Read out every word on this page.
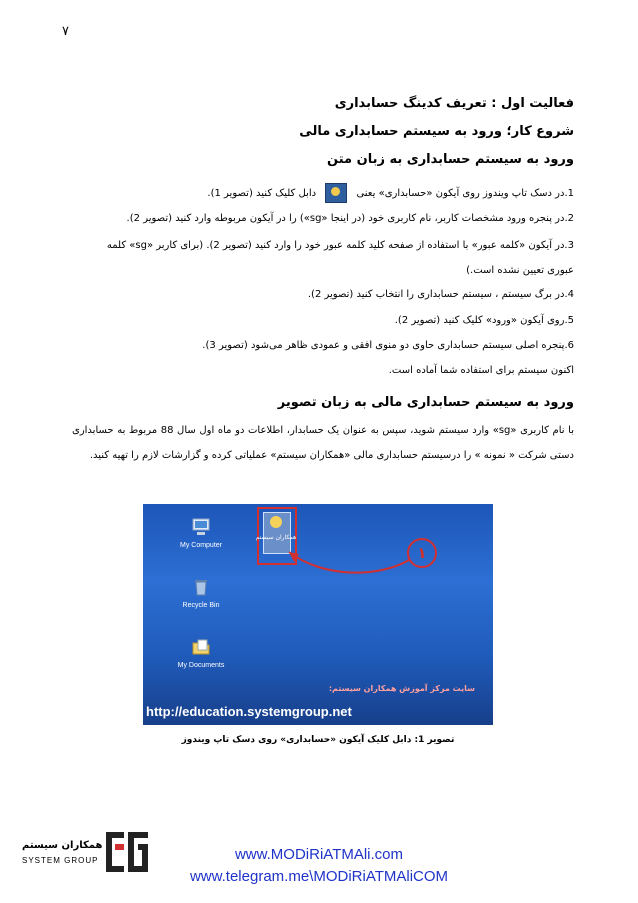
۷
فعالیت اول : تعریف کدینگ حسابداری
شروع کار؛ ورود به سیستم حسابداری مالی
ورود به سیستم حسابداری به زبان متن
1.در دسک تاپ ویندوز روی آیکون «حسابداری» یعنی  دابل کلیک کنید (تصویر 1).
2.در پنجره ورود مشخصات کاربر، نام کاربری خود (در اینجا «sg») را در آیکون مربوطه وارد کنید (تصویر 2).
3.در آیکون «کلمه عبور» با استفاده از صفحه کلید کلمه عبور خود را وارد کنید (تصویر 2). (برای کاربر «sg» کلمه
عبوری تعیین نشده است.)
4.در برگ سیستم ، سیستم حسابداری را انتخاب کنید (تصویر 2).
5.روی آیکون «ورود» کلیک کنید (تصویر 2).
6.پنجره اصلی سیستم حسابداری حاوی دو منوی افقی و عمودی ظاهر می‌شود (تصویر 3).
اکنون سیستم برای استفاده شما آماده است.
ورود به سیستم حسابداری مالی به زبان تصویر
با نام کاربری «sg» وارد سیستم شوید، سپس به عنوان یک حسابدار، اطلاعات دو ماه اول سال 88 مربوط به حسابداری دستی شرکت « نمونه » را درسیستم حسابداری مالی «همکاران سیستم» عملیاتی کرده و گزارشات لازم را تهیه کنید.
My Computer
Recycle Bin
My Documents
همکاران سیستم
۱
سایت مرکز آموزش همکاران سیستم:
http://education.systemgroup.net
تصویر 1: دابل کلیک آیکون «حسابداری» روی دسک تاپ ویندوز
همکاران سیستم
SYSTEM GROUP	www.MODiRiATMAli.com
www.telegram.me\MODiRiATMAliCOM
